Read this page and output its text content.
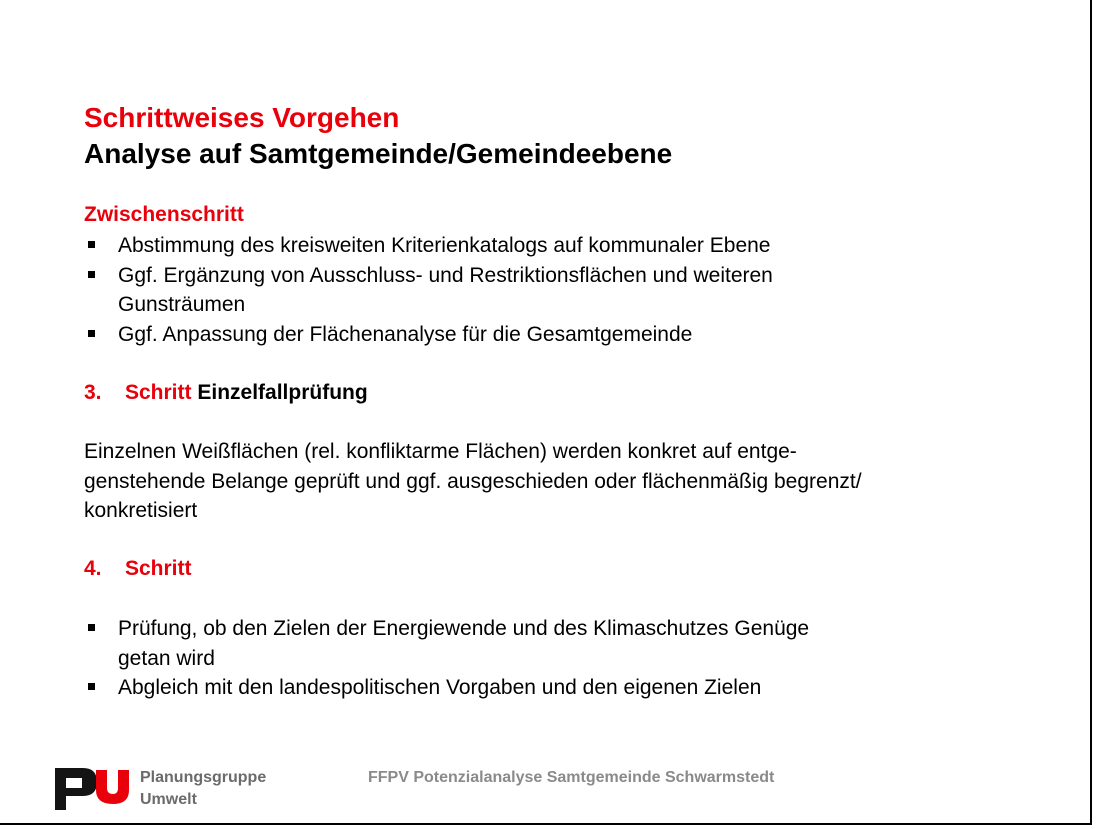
Schrittweises Vorgehen
Analyse auf Samtgemeinde/Gemeindeebene
Zwischenschritt
Abstimmung des kreisweiten Kriterienkatalogs auf kommunaler Ebene
Ggf. Ergänzung von Ausschluss- und Restriktionsflächen und weiteren
Gunsträumen
Ggf. Anpassung der Flächenanalyse für die Gesamtgemeinde
3. Schritt Einzelfallprüfung

Einzelnen Weißflächen (rel. konfliktarme Flächen) werden konkret auf entge-
genstehende Belange geprüft und ggf. ausgeschieden oder flächenmäßig begrenzt/
konkretisiert

4. Schritt
Prüfung, ob den Zielen der Energiewende und des Klimaschutzes Genüge
getan wird
Abgleich mit den landespolitischen Vorgaben und den eigenen Zielen
Planungsgruppe
Umwelt
FFPV Potenzialanalyse Samtgemeinde Schwarmstedt
